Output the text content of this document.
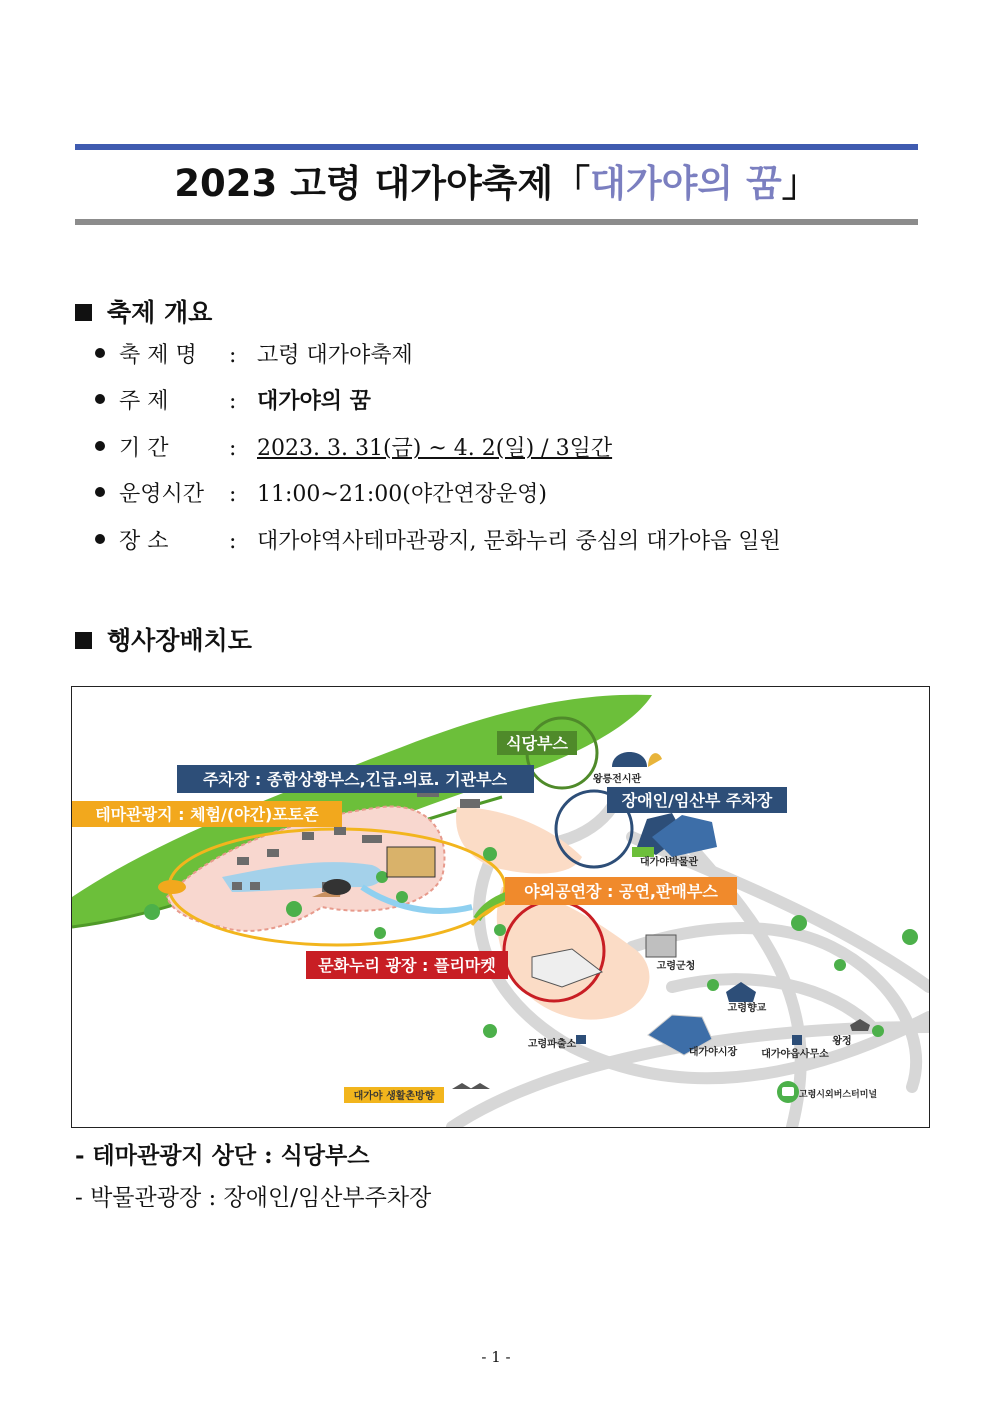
2023 고령 대가야축제「대가야의 꿈」
축제 개요
축 제 명 : 고령 대가야축제
주 제	: 대가야의 꿈
기 간	: 2023. 3. 31(금) ~ 4. 2(일) / 3일간
운영시간 : 11:00~21:00(야간연장운영)
장 소	: 대가야역사테마관광지, 문화누리 중심의 대가야읍 일원
행사장배치도
식당부스
주차장 : 종합상황부스,긴급.의료. 기관부스
테마관광지 : 체험/(야간)포토존
장애인/임산부 주차장
야외공연장 : 공연,판매부스
문화누리 광장 : 플리마켓
대가야 생활촌방향
왕릉전시관
대가야박물관
고령군청
고령향교
대가야시장 대가야읍사무소
왕정
고령파출소
고령시외버스터미널
- 테마관광지 상단 : 식당부스
- 박물관광장 : 장애인/임산부주차장
- 1 -
